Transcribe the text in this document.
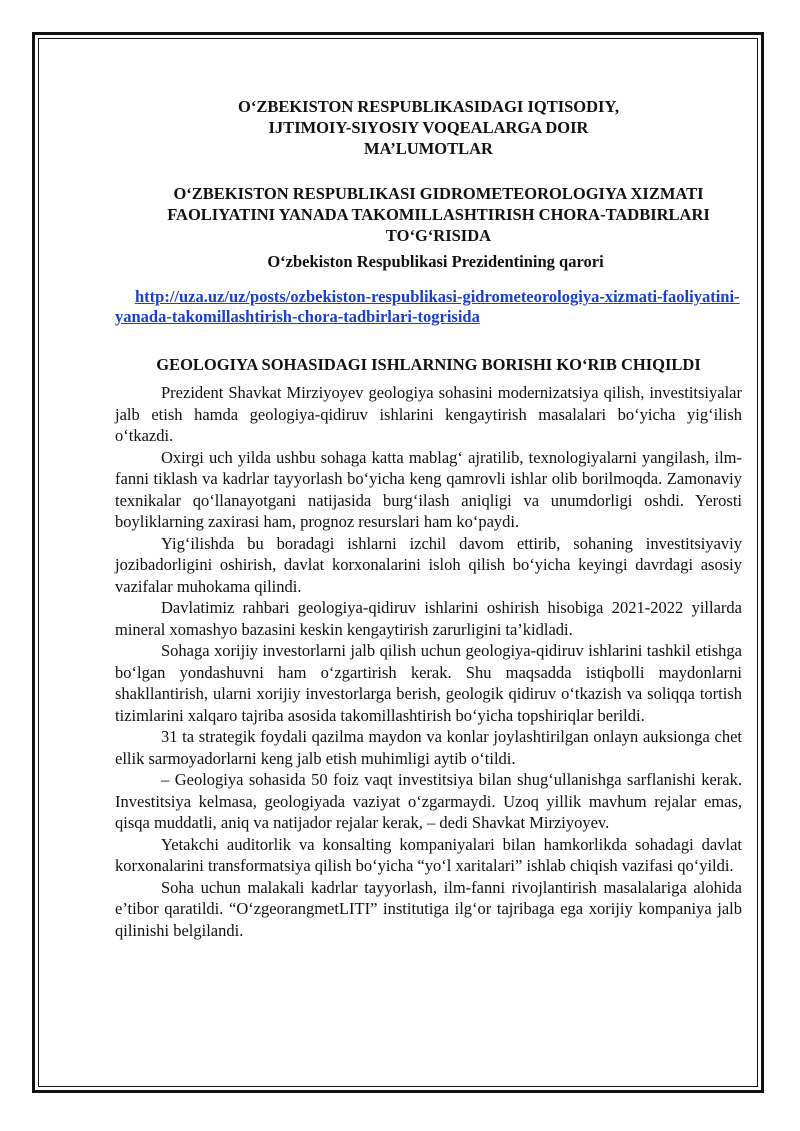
O‘ZBEKISTON RESPUBLIKASIDAGI IQTISODIY,
IJTIMOIY-SIYOSIY VOQEALARGA DOIR
MA’LUMOTLAR
O‘ZBEKISTON RESPUBLIKASI GIDROMETEOROLOGIYA XIZMATI FAOLIYATINI YANADA TAKOMILLASHTIRISH CHORA-TADBIRLARI TO‘G‘RISIDA
O‘zbekiston Respublikasi Prezidentining qarori
http://uza.uz/uz/posts/ozbekiston-respublikasi-gidrometeorologiya-xizmati-faoliyatini-yanada-takomillashtirish-chora-tadbirlari-togrisida
GEOLOGIYA SOHASIDAGI ISHLARNING BORISHI KO‘RIB CHIQILDI

Prezident Shavkat Mirziyoyev geologiya sohasini modernizatsiya qilish, investitsiyalar jalb etish hamda geologiya-qidiruv ishlarini kengaytirish masalalari bo‘yicha yig‘ilish o‘tkazdi.

Oxirgi uch yilda ushbu sohaga katta mablag‘ ajratilib, texnologiyalarni yangilash, ilm-fanni tiklash va kadrlar tayyorlash bo‘yicha keng qamrovli ishlar olib borilmoqda. Zamonaviy texnikalar qo‘llanayotgani natijasida burg‘ilash aniqligi va unumdorligi oshdi. Yerosti boyliklarning zaxirasi ham, prognoz resurslari ham ko‘paydi.

Yig‘ilishda bu boradagi ishlarni izchil davom ettirib, sohaning investitsiyaviy jozibadorligini oshirish, davlat korxonalarini isloh qilish bo‘yicha keyingi davrdagi asosiy vazifalar muhokama qilindi.

Davlatimiz rahbari geologiya-qidiruv ishlarini oshirish hisobiga 2021-2022 yillarda mineral xomashyo bazasini keskin kengaytirish zarurligini ta’kidladi.

Sohaga xorijiy investorlarni jalb qilish uchun geologiya-qidiruv ishlarini tashkil etishga bo‘lgan yondashuvni ham o‘zgartirish kerak. Shu maqsadda istiqbolli maydonlarni shakllantirish, ularni xorijiy investorlarga berish, geologik qidiruv o‘tkazish va soliqqa tortish tizimlarini xalqaro tajriba asosida takomillashtirish bo‘yicha topshiriqlar berildi.

31 ta strategik foydali qazilma maydon va konlar joylashtirilgan onlayn auksionga chet ellik sarmoyadorlarni keng jalb etish muhimligi aytib o‘tildi.

– Geologiya sohasida 50 foiz vaqt investitsiya bilan shug‘ullanishga sarflanishi kerak. Investitsiya kelmasa, geologiyada vaziyat o‘zgarmaydi. Uzoq yillik mavhum rejalar emas, qisqa muddatli, aniq va natijador rejalar kerak, – dedi Shavkat Mirziyoyev.

Yetakchi auditorlik va konsalting kompaniyalari bilan hamkorlikda sohadagi davlat korxonalarini transformatsiya qilish bo‘yicha “yo‘l xaritalari” ishlab chiqish vazifasi qo‘yildi.

Soha uchun malakali kadrlar tayyorlash, ilm-fanni rivojlantirish masalalariga alohida e’tibor qaratildi. “O‘zgeorangmetLITI” institutiga ilg‘or tajribaga ega xorijiy kompaniya jalb qilinishi belgilandi.
